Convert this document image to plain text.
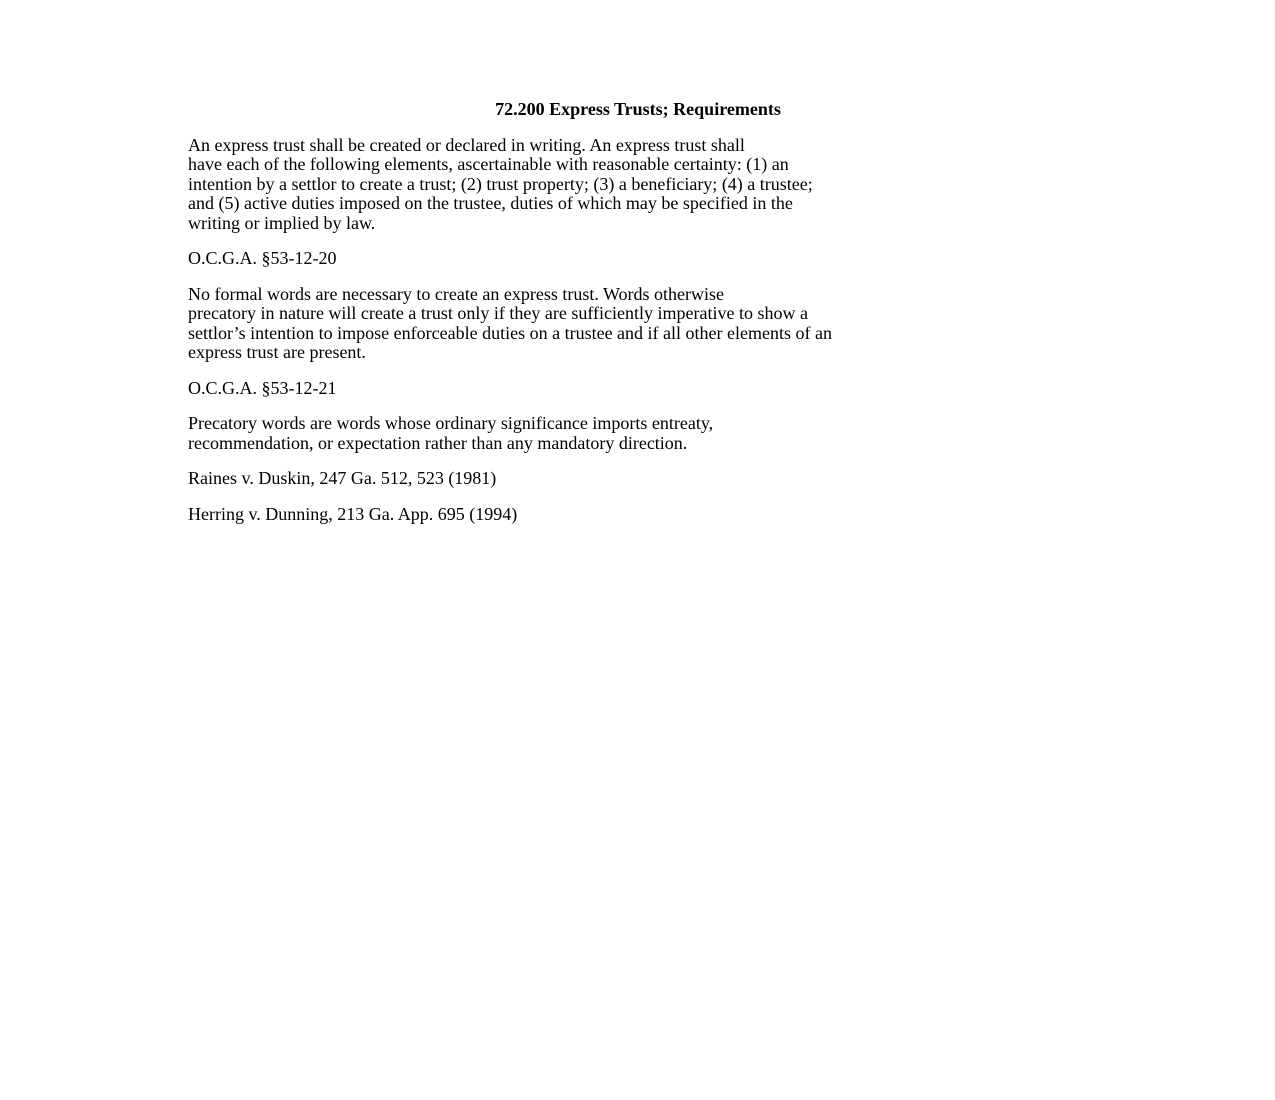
72.200 Express Trusts; Requirements
An express trust shall be created or declared in writing. An express trust shall
have each of the following elements, ascertainable with reasonable certainty: (1) an
intention by a settlor to create a trust; (2) trust property; (3) a beneficiary; (4) a trustee;
and (5) active duties imposed on the trustee, duties of which may be specified in the
writing or implied by law.
O.C.G.A. §53-12-20
No formal words are necessary to create an express trust. Words otherwise
precatory in nature will create a trust only if they are sufficiently imperative to show a
settlor’s intention to impose enforceable duties on a trustee and if all other elements of an
express trust are present.
O.C.G.A. §53-12-21
Precatory words are words whose ordinary significance imports entreaty,
recommendation, or expectation rather than any mandatory direction.
Raines v. Duskin, 247 Ga. 512, 523 (1981)
Herring v. Dunning, 213 Ga. App. 695 (1994)
